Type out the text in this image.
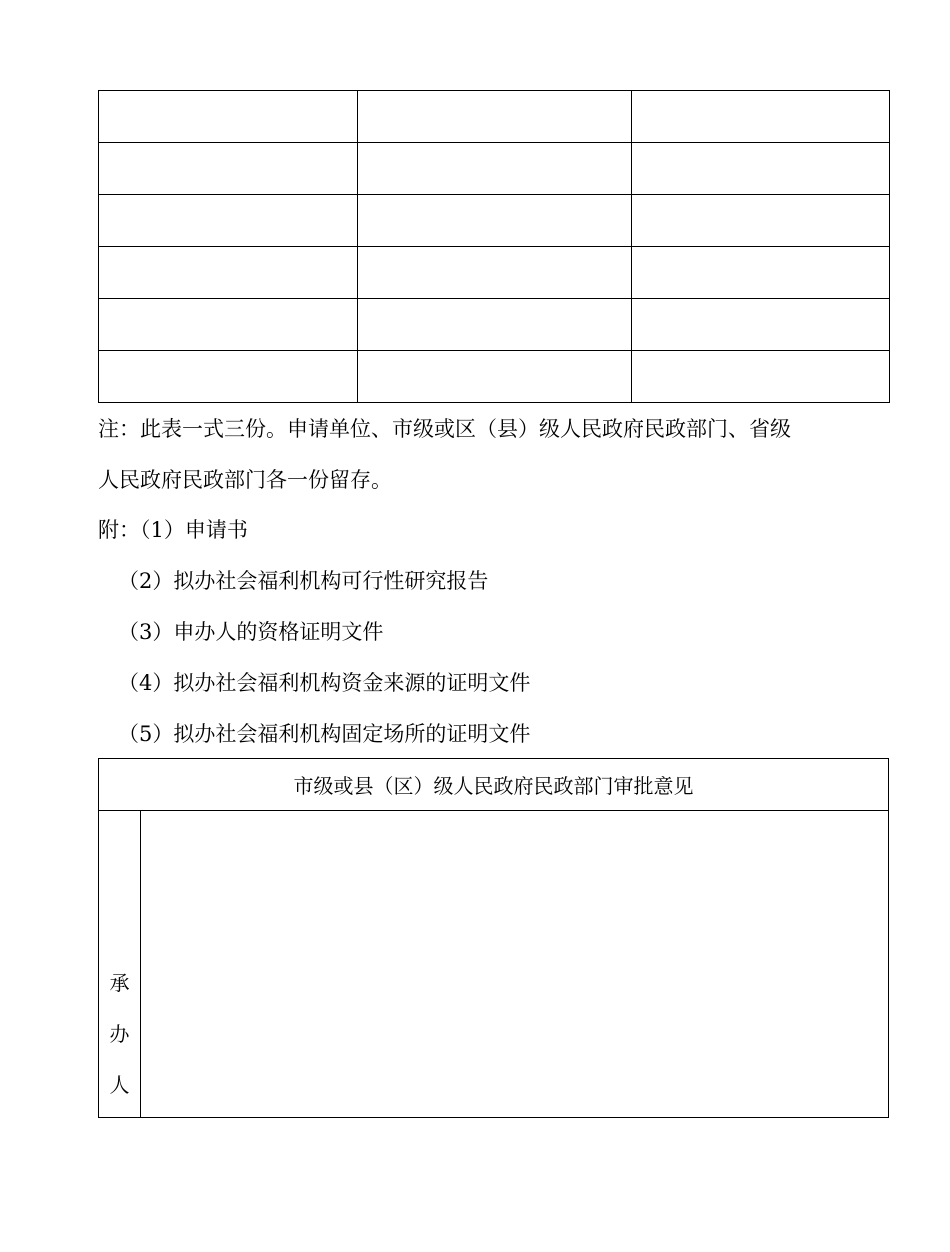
注：此表一式三份。申请单位、市级或区（县）级人民政府民政部门、省级
人民政府民政部门各一份留存。
附：（1）申请书
（2）拟办社会福利机构可行性研究报告
（3）申办人的资格证明文件
（4）拟办社会福利机构资金来源的证明文件
（5）拟办社会福利机构固定场所的证明文件
市级或县（区）级人民政府民政部门审批意见
承
办
人
